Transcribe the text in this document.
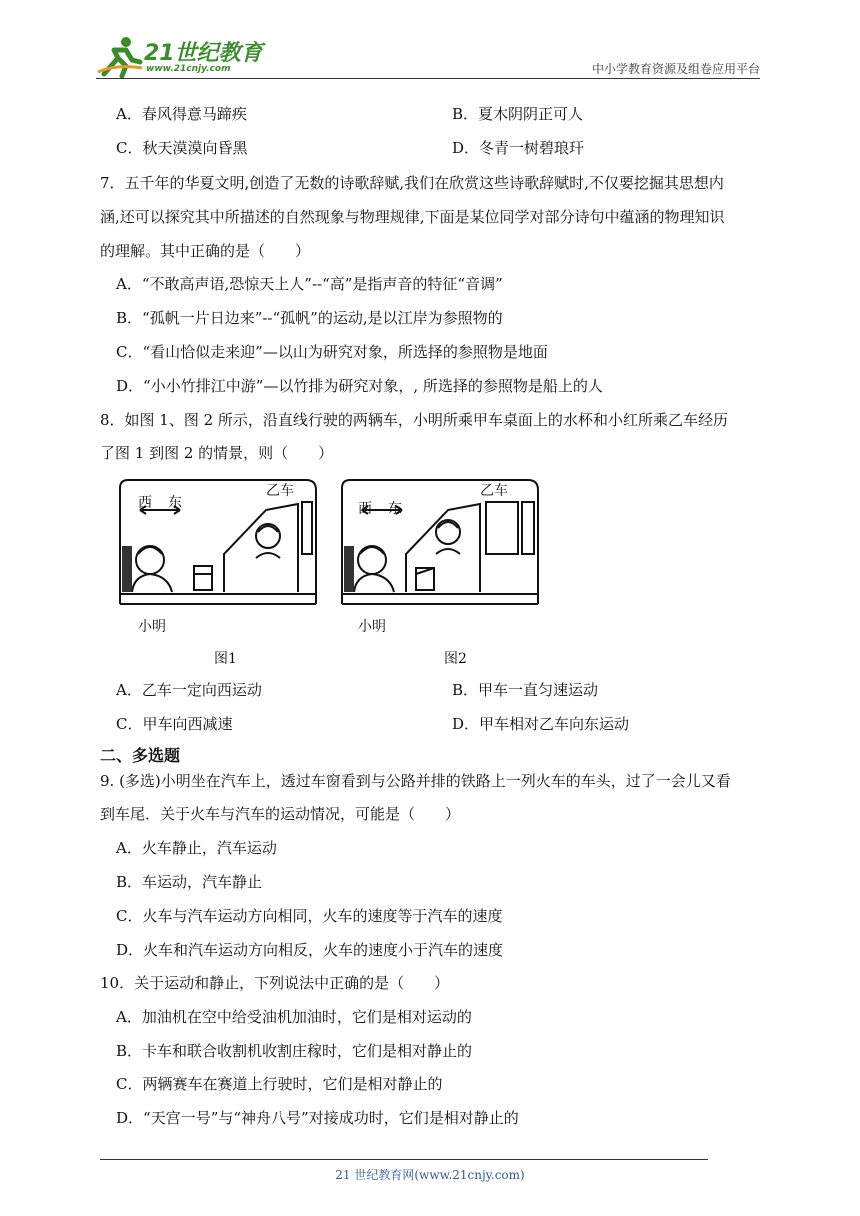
21世纪教育
www.21cnjy.com	中小学教育资源及组卷应用平台
A．春风得意马蹄疾	B．夏木阴阴正可人
C．秋天漠漠向昏黑	D．冬青一树碧琅玕
7．五千年的华夏文明,创造了无数的诗歌辞赋,我们在欣赏这些诗歌辞赋时,不仅要挖掘其思想内
涵,还可以探究其中所描述的自然现象与物理规律,下面是某位同学对部分诗句中蕴涵的物理知识
的理解。其中正确的是（　　）
A．“不敢高声语,恐惊天上人”--“高”是指声音的特征“音调”
B．“孤帆一片日边来”--“孤帆”的运动,是以江岸为参照物的
C．“看山恰似走来迎”—以山为研究对象，所选择的参照物是地面
D．“小小竹排江中游”—以竹排为研究对象，, 所选择的参照物是船上的人
8．如图 1、图 2 所示，沿直线行驶的两辆车，小明所乘甲车桌面上的水杯和小红所乘乙车经历
了图 1 到图 2 的情景，则（　　）
A．乙车一定向西运动	B．甲车一直匀速运动
C．甲车向西减速	D．甲车相对乙车向东运动
9. (多选)小明坐在汽车上，透过车窗看到与公路并排的铁路上一列火车的车头，过了一会儿又看
到车尾．关于火车与汽车的运动情况，可能是（　　）
A．火车静止，汽车运动
B．车运动，汽车静止
C．火车与汽车运动方向相同，火车的速度等于汽车的速度
D．火车和汽车运动方向相反，火车的速度小于汽车的速度
10．关于运动和静止，下列说法中正确的是（　　）
A．加油机在空中给受油机加油时，它们是相对运动的
B．卡车和联合收割机收割庄稼时，它们是相对静止的
C．两辆赛车在赛道上行驶时，它们是相对静止的
D．“天宫一号”与“神舟八号”对接成功时，它们是相对静止的
二、多选题
西 东
乙车
小明
图1
西 东
乙车
小明
图2
21 世纪教育网(www.21cnjy.com)
